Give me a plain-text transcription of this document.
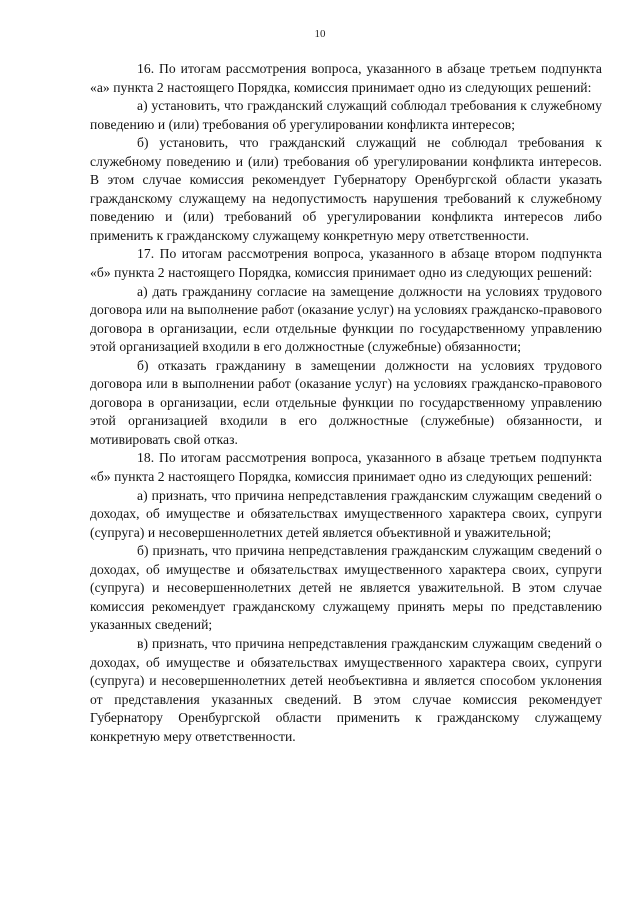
10

16. По итогам рассмотрения вопроса, указанного в абзаце третьем подпункта «а» пункта 2 настоящего Порядка, комиссия принимает одно из следующих решений:

а) установить, что гражданский служащий соблюдал требования к служебному поведению и (или) требования об урегулировании конфликта интересов;

б) установить, что гражданский служащий не соблюдал требования к служебному поведению и (или) требования об урегулировании конфликта интересов. В этом случае комиссия рекомендует Губернатору Оренбургской области указать гражданскому служащему на недопустимость нарушения требований к служебному поведению и (или) требований об урегулировании конфликта интересов либо применить к гражданскому служащему конкретную меру ответственности.

17. По итогам рассмотрения вопроса, указанного в абзаце втором подпункта «б» пункта 2 настоящего Порядка, комиссия принимает одно из следующих решений:

а) дать гражданину согласие на замещение должности на условиях трудового договора или на выполнение работ (оказание услуг) на условиях гражданско-правового договора в организации, если отдельные функции по государственному управлению этой организацией входили в его должностные (служебные) обязанности;

б) отказать гражданину в замещении должности на условиях трудового договора или в выполнении работ (оказание услуг) на условиях гражданско-правового договора в организации, если отдельные функции по государственному управлению этой организацией входили в его должностные (служебные) обязанности, и мотивировать свой отказ.

18. По итогам рассмотрения вопроса, указанного в абзаце третьем подпункта «б» пункта 2 настоящего Порядка, комиссия принимает одно из следующих решений:

а) признать, что причина непредставления гражданским служащим сведений о доходах, об имуществе и обязательствах имущественного характера своих, супруги (супруга) и несовершеннолетних детей является объективной и уважительной;

б) признать, что причина непредставления гражданским служащим сведений о доходах, об имуществе и обязательствах имущественного характера своих, супруги (супруга) и несовершеннолетних детей не является уважительной. В этом случае комиссия рекомендует гражданскому служащему принять меры по представлению указанных сведений;

в) признать, что причина непредставления гражданским служащим сведений о доходах, об имуществе и обязательствах имущественного характера своих, супруги (супруга) и несовершеннолетних детей необъективна и является способом уклонения от представления указанных сведений. В этом случае комиссия рекомендует Губернатору Оренбургской области применить к гражданскому служащему конкретную меру ответственности.
